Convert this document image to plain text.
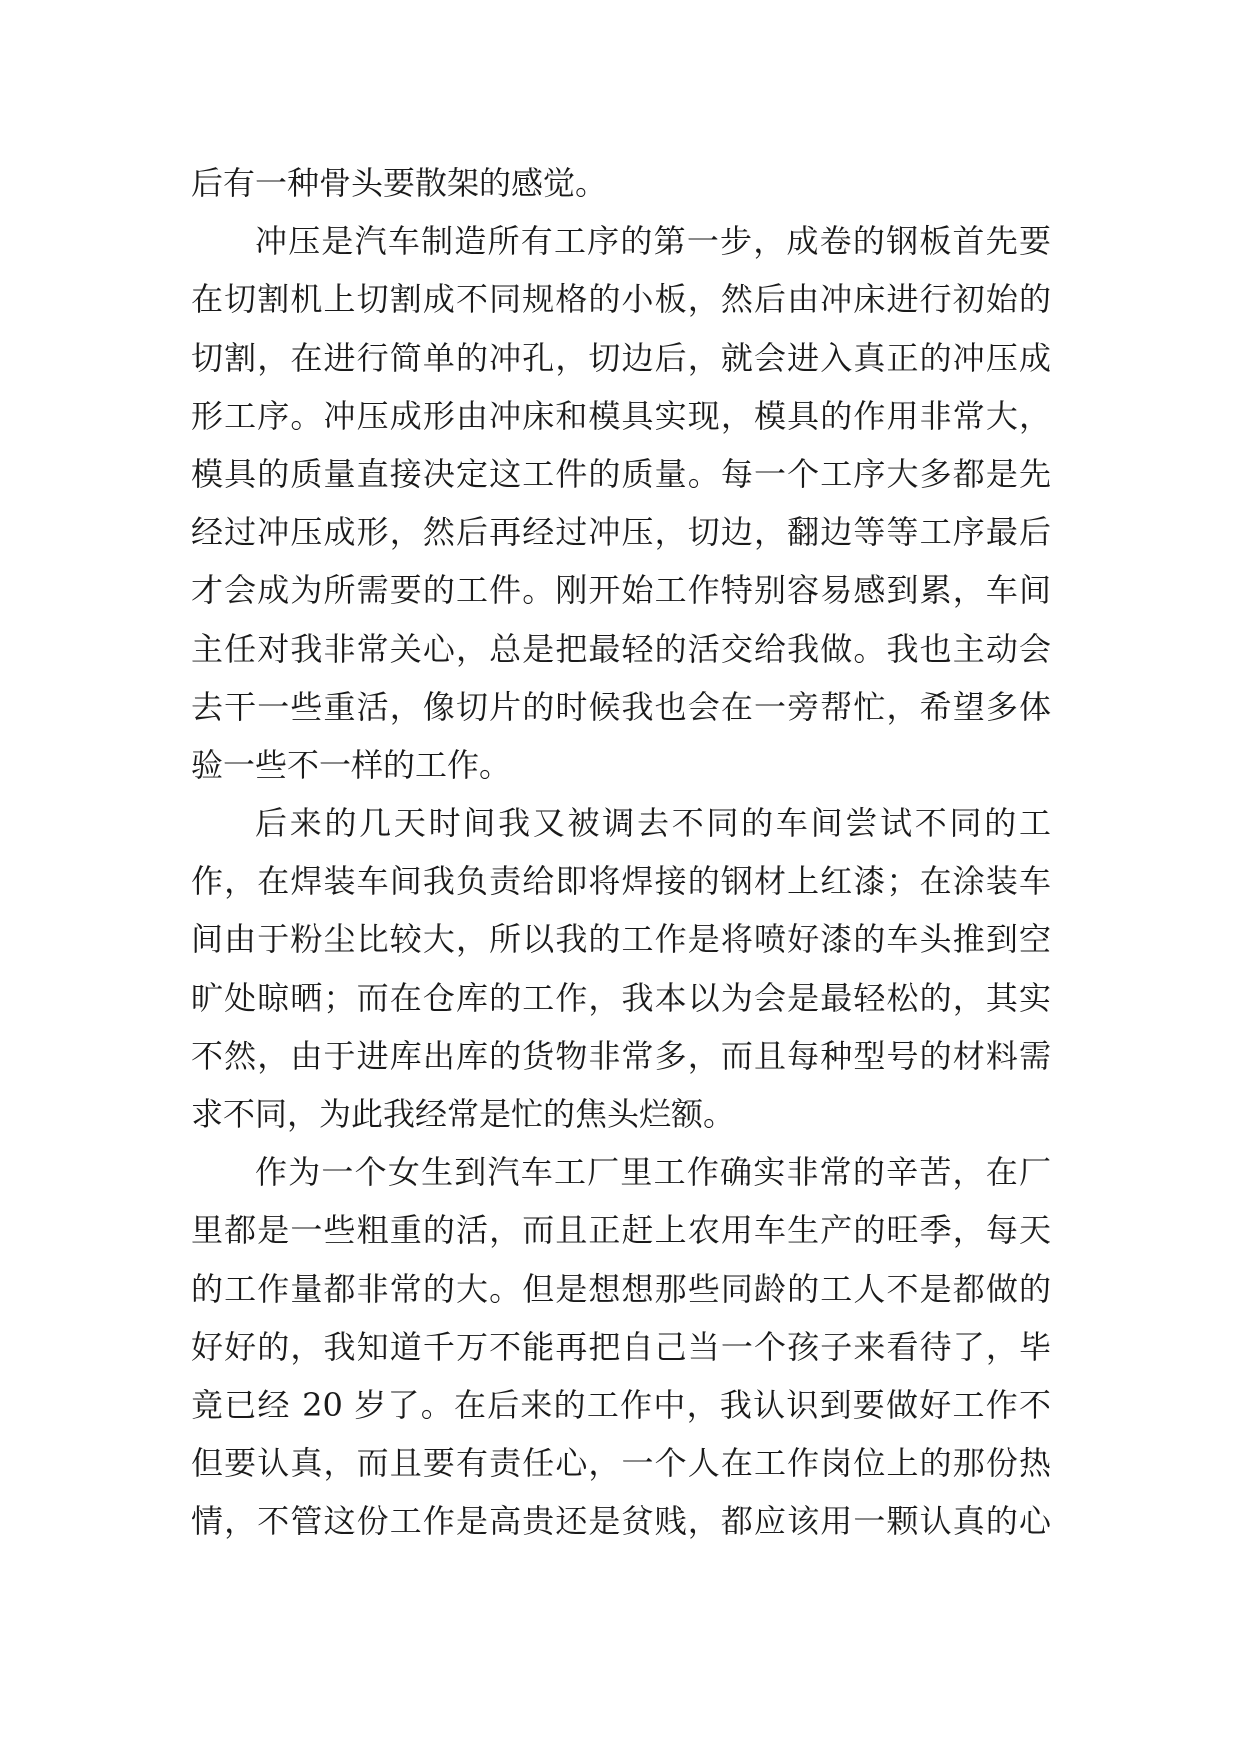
后有一种骨头要散架的感觉。
冲压是汽车制造所有工序的第一步，成卷的钢板首先要
在切割机上切割成不同规格的小板，然后由冲床进行初始的
切割，在进行简单的冲孔，切边后，就会进入真正的冲压成
形工序。冲压成形由冲床和模具实现，模具的作用非常大，
模具的质量直接决定这工件的质量。每一个工序大多都是先
经过冲压成形，然后再经过冲压，切边，翻边等等工序最后
才会成为所需要的工件。刚开始工作特别容易感到累，车间
主任对我非常关心，总是把最轻的活交给我做。我也主动会
去干一些重活，像切片的时候我也会在一旁帮忙，希望多体
验一些不一样的工作。
后来的几天时间我又被调去不同的车间尝试不同的工
作，在焊装车间我负责给即将焊接的钢材上红漆；在涂装车
间由于粉尘比较大，所以我的工作是将喷好漆的车头推到空
旷处晾晒；而在仓库的工作，我本以为会是最轻松的，其实
不然，由于进库出库的货物非常多，而且每种型号的材料需
求不同，为此我经常是忙的焦头烂额。
作为一个女生到汽车工厂里工作确实非常的辛苦，在厂
里都是一些粗重的活，而且正赶上农用车生产的旺季，每天
的工作量都非常的大。但是想想那些同龄的工人不是都做的
好好的，我知道千万不能再把自己当一个孩子来看待了，毕
竟已经 20 岁了。在后来的工作中，我认识到要做好工作不
但要认真，而且要有责任心，一个人在工作岗位上的那份热
情，不管这份工作是高贵还是贫贱，都应该用一颗认真的心
